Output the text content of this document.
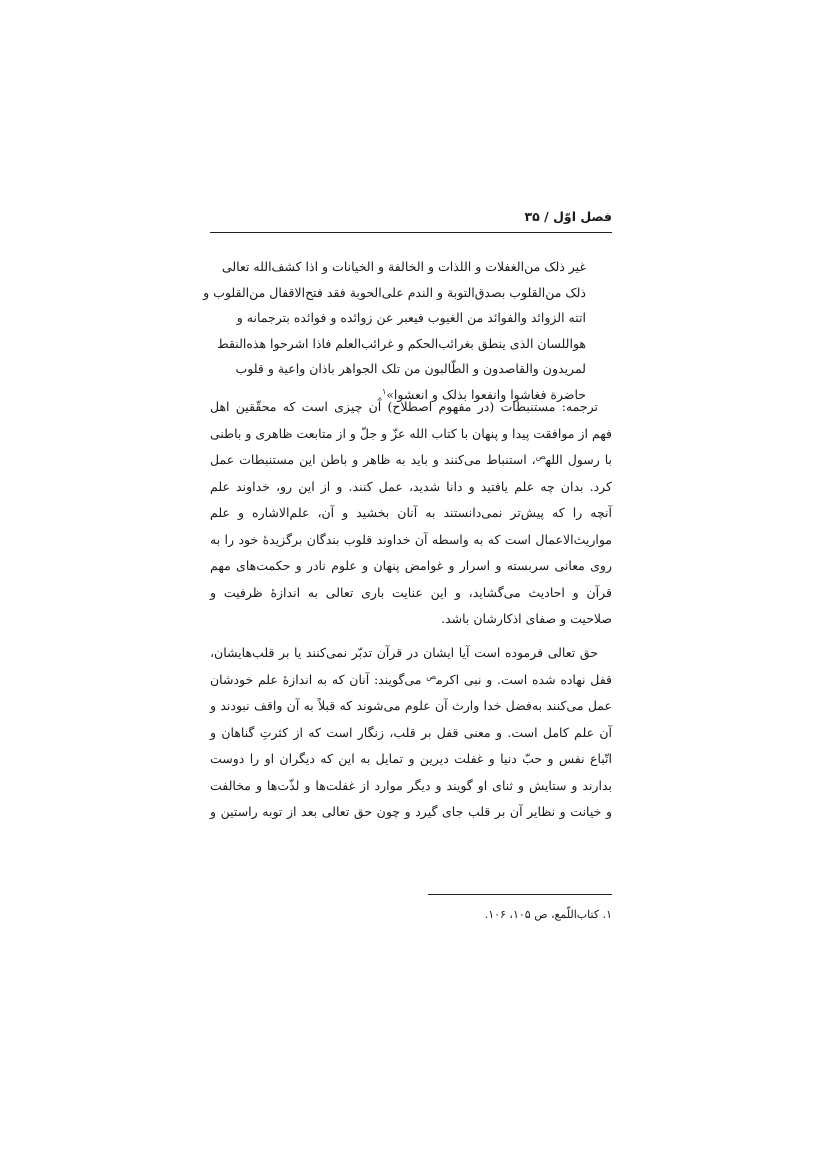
فصل اوّل / ۳۵
غیر ذلک من‌الغفلات و اللذات و الخالفة و الخیانات و اذا کشف‌الله تعالی
ذلک من‌القلوب بصدق‌التوبة و الندم علی‌الحوبة فقد فتح‌الاقفال من‌القلوب و
اتته الزوائد والفوائد من الغیوب فیعبر عن زوائده و فوائده بترجمانه و
هواللسان الذی ینطق بغرائب‌الحکم و غرائب‌العلم فاذا اشرحوا هذه‌النقط
لمریدون والقاصدون و الطّالبون من تلک الجواهر باذان واعیة و قلوب
حاضرة فغاشوا وانفعوا بذلک و انعشوا»$^۱$.
ترجمه: مستنبطات (در مفهوم اصطلاح) آن چیزی است که محقّقین اهل
فهم از موافقت پیدا و پنهان با کتاب الله عزّ و جلّ و از متابعت ظاهری و باطنی
با رسول الله$^ص$، استنباط می‌کنند و باید به ظاهر و باطن این مستنبطات عمل
کرد. بدان چه علم یافتید و دانا شدید، عمل کنند. و از این رو، خداوند علم
آنچه را که پیش‌تر نمی‌دانستند به آنان بخشید و آن، علم‌الاشاره و علم
مواریث‌الاعمال است که به واسطه آن خداوند قلوب بندگان برگزیدهٔ خود را به
روی معانی سربسته و اسرار و غوامض پنهان و علوم نادر و حکمت‌های مهم
قرآن و احادیث می‌گشاید، و این عنایت باری تعالی به اندازهٔ ظرفیت و
صلاحیت و صفای اذکارشان باشد.
حق تعالی فرموده است آیا ایشان در قرآن تدبّر نمی‌کنند یا بر قلب‌هایشان،
قفل نهاده شده است. و نبی اکرم$^ص$ می‌گویند: آنان که به اندازهٔ علم خودشان
عمل می‌کنند به‌فضل خدا وارث آن علوم می‌شوند که قبلاً به آن واقف نبودند و
آن علم کامل است. و معنی قفل بر قلب، زنگار است که از کثرتِ گناهان و
اتّباع نفس و حبّ دنیا و غفلت دیرین و تمایل به این که دیگران او را دوست
بدارند و ستایش و ثنای او گویند و دیگر موارد از غفلت‌ها و لذّت‌ها و مخالفت
و خیانت و نظایر آن بر قلب جای گیرد و چون حق تعالی بعد از توبه راستین و
۱. کتاب‌اللّمع، ص ۱۰۵، ۱۰۶.
